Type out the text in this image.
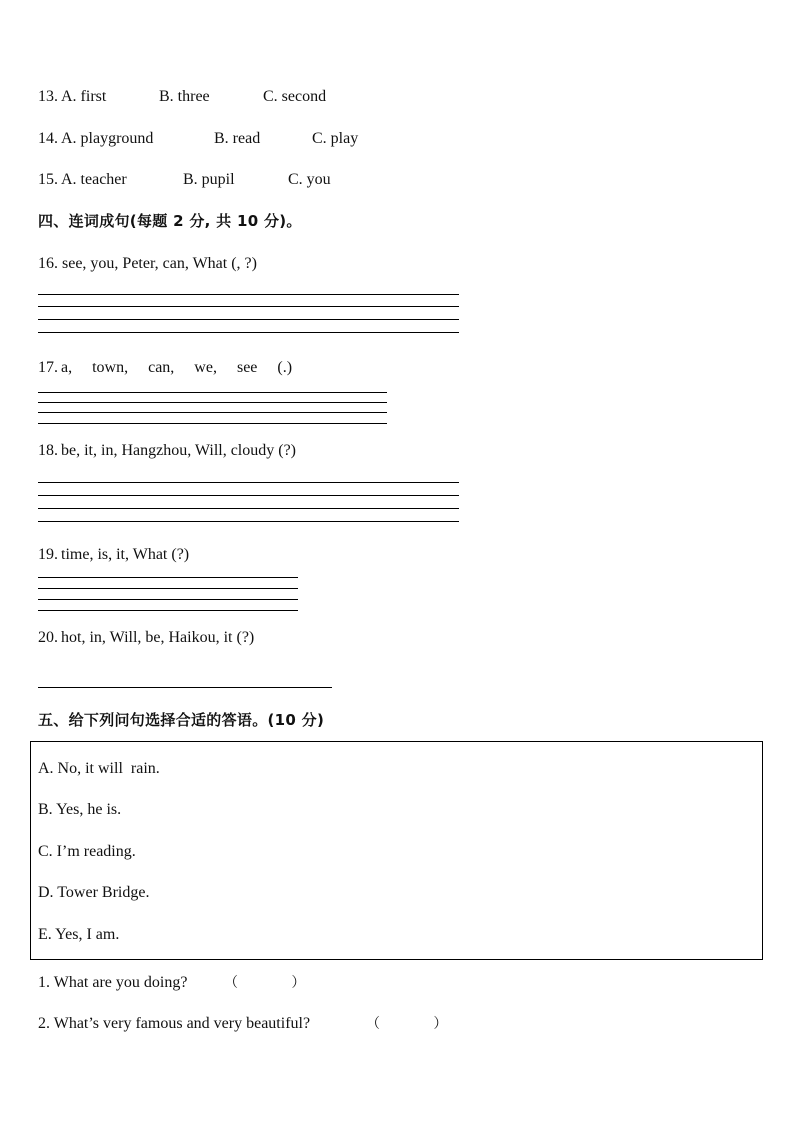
13. A. first	B. three	C. second
14. A. playground	B. read	C. play
15. A. teacher	B. pupil	C. you
四、连词成句(每题 2 分, 共 10 分)。
16. see, you, Peter, can, What (, ?)
17. a,     town,     can,     we,     see     (.)
18. be, it, in, Hangzhou, Will, cloudy (?)
19. time, is, it, What (?)
20. hot, in, Will, be, Haikou, it (?)
五、给下列问句选择合适的答语。(10 分)
A. No, it will  rain.
B. Yes, he is.
C. I’m reading.
D. Tower Bridge.
E. Yes, I am.
1. What are you doing?	（            ）
2. What’s very famous and very beautiful?	（            ）
